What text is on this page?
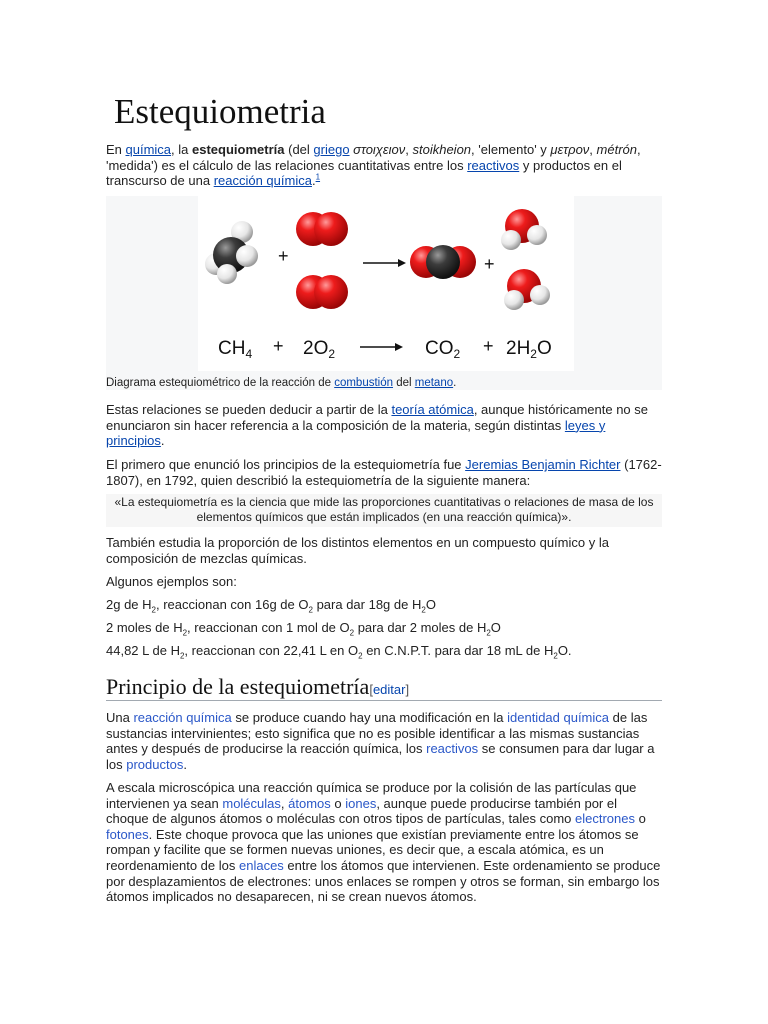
Estequiometria

En química, la estequiometría (del griego στοιχειον, stoikheion, 'elemento' y μετρον, métrón, 'medida') es el cálculo de las relaciones cuantitativas entre los reactivos y productos en el transcurso de una reacción química.$^1$

+	+
$CH_4 + 2O_2$	$CO_2 + 2H_2O$
Diagrama estequiométrico de la reacción de combustión del metano.

Estas relaciones se pueden deducir a partir de la teoría atómica, aunque históricamente no se enunciaron sin hacer referencia a la composición de la materia, según distintas leyes y principios.

El primero que enunció los principios de la estequiometría fue Jeremias Benjamin Richter (1762-1807), en 1792, quien describió la estequiometría de la siguiente manera:

«La estequiometría es la ciencia que mide las proporciones cuantitativas o relaciones de masa de los elementos químicos que están implicados (en una reacción química)».

También estudia la proporción de los distintos elementos en un compuesto químico y la composición de mezclas químicas.

Algunos ejemplos son:

2g de $H_2$, reaccionan con 16g de $O_2$ para dar 18g de $H_2O$

2 moles de $H_2$, reaccionan con 1 mol de $O_2$ para dar 2 moles de $H_2O$

44,82 L de $H_2$, reaccionan con 22,41 L en $O_2$ en C.N.P.T. para dar 18 mL de $H_2O$.

Principio de la estequiometría[editar]

Una reacción química se produce cuando hay una modificación en la identidad química de las sustancias intervinientes; esto significa que no es posible identificar a las mismas sustancias antes y después de producirse la reacción química, los reactivos se consumen para dar lugar a los productos.

A escala microscópica una reacción química se produce por la colisión de las partículas que intervienen ya sean moléculas, átomos o iones, aunque puede producirse también por el choque de algunos átomos o moléculas con otros tipos de partículas, tales como electrones o fotones. Este choque provoca que las uniones que existían previamente entre los átomos se rompan y facilite que se formen nuevas uniones, es decir que, a escala atómica, es un reordenamiento de los enlaces entre los átomos que intervienen. Este ordenamiento se produce por desplazamientos de electrones: unos enlaces se rompen y otros se forman, sin embargo los átomos implicados no desaparecen, ni se crean nuevos átomos.
